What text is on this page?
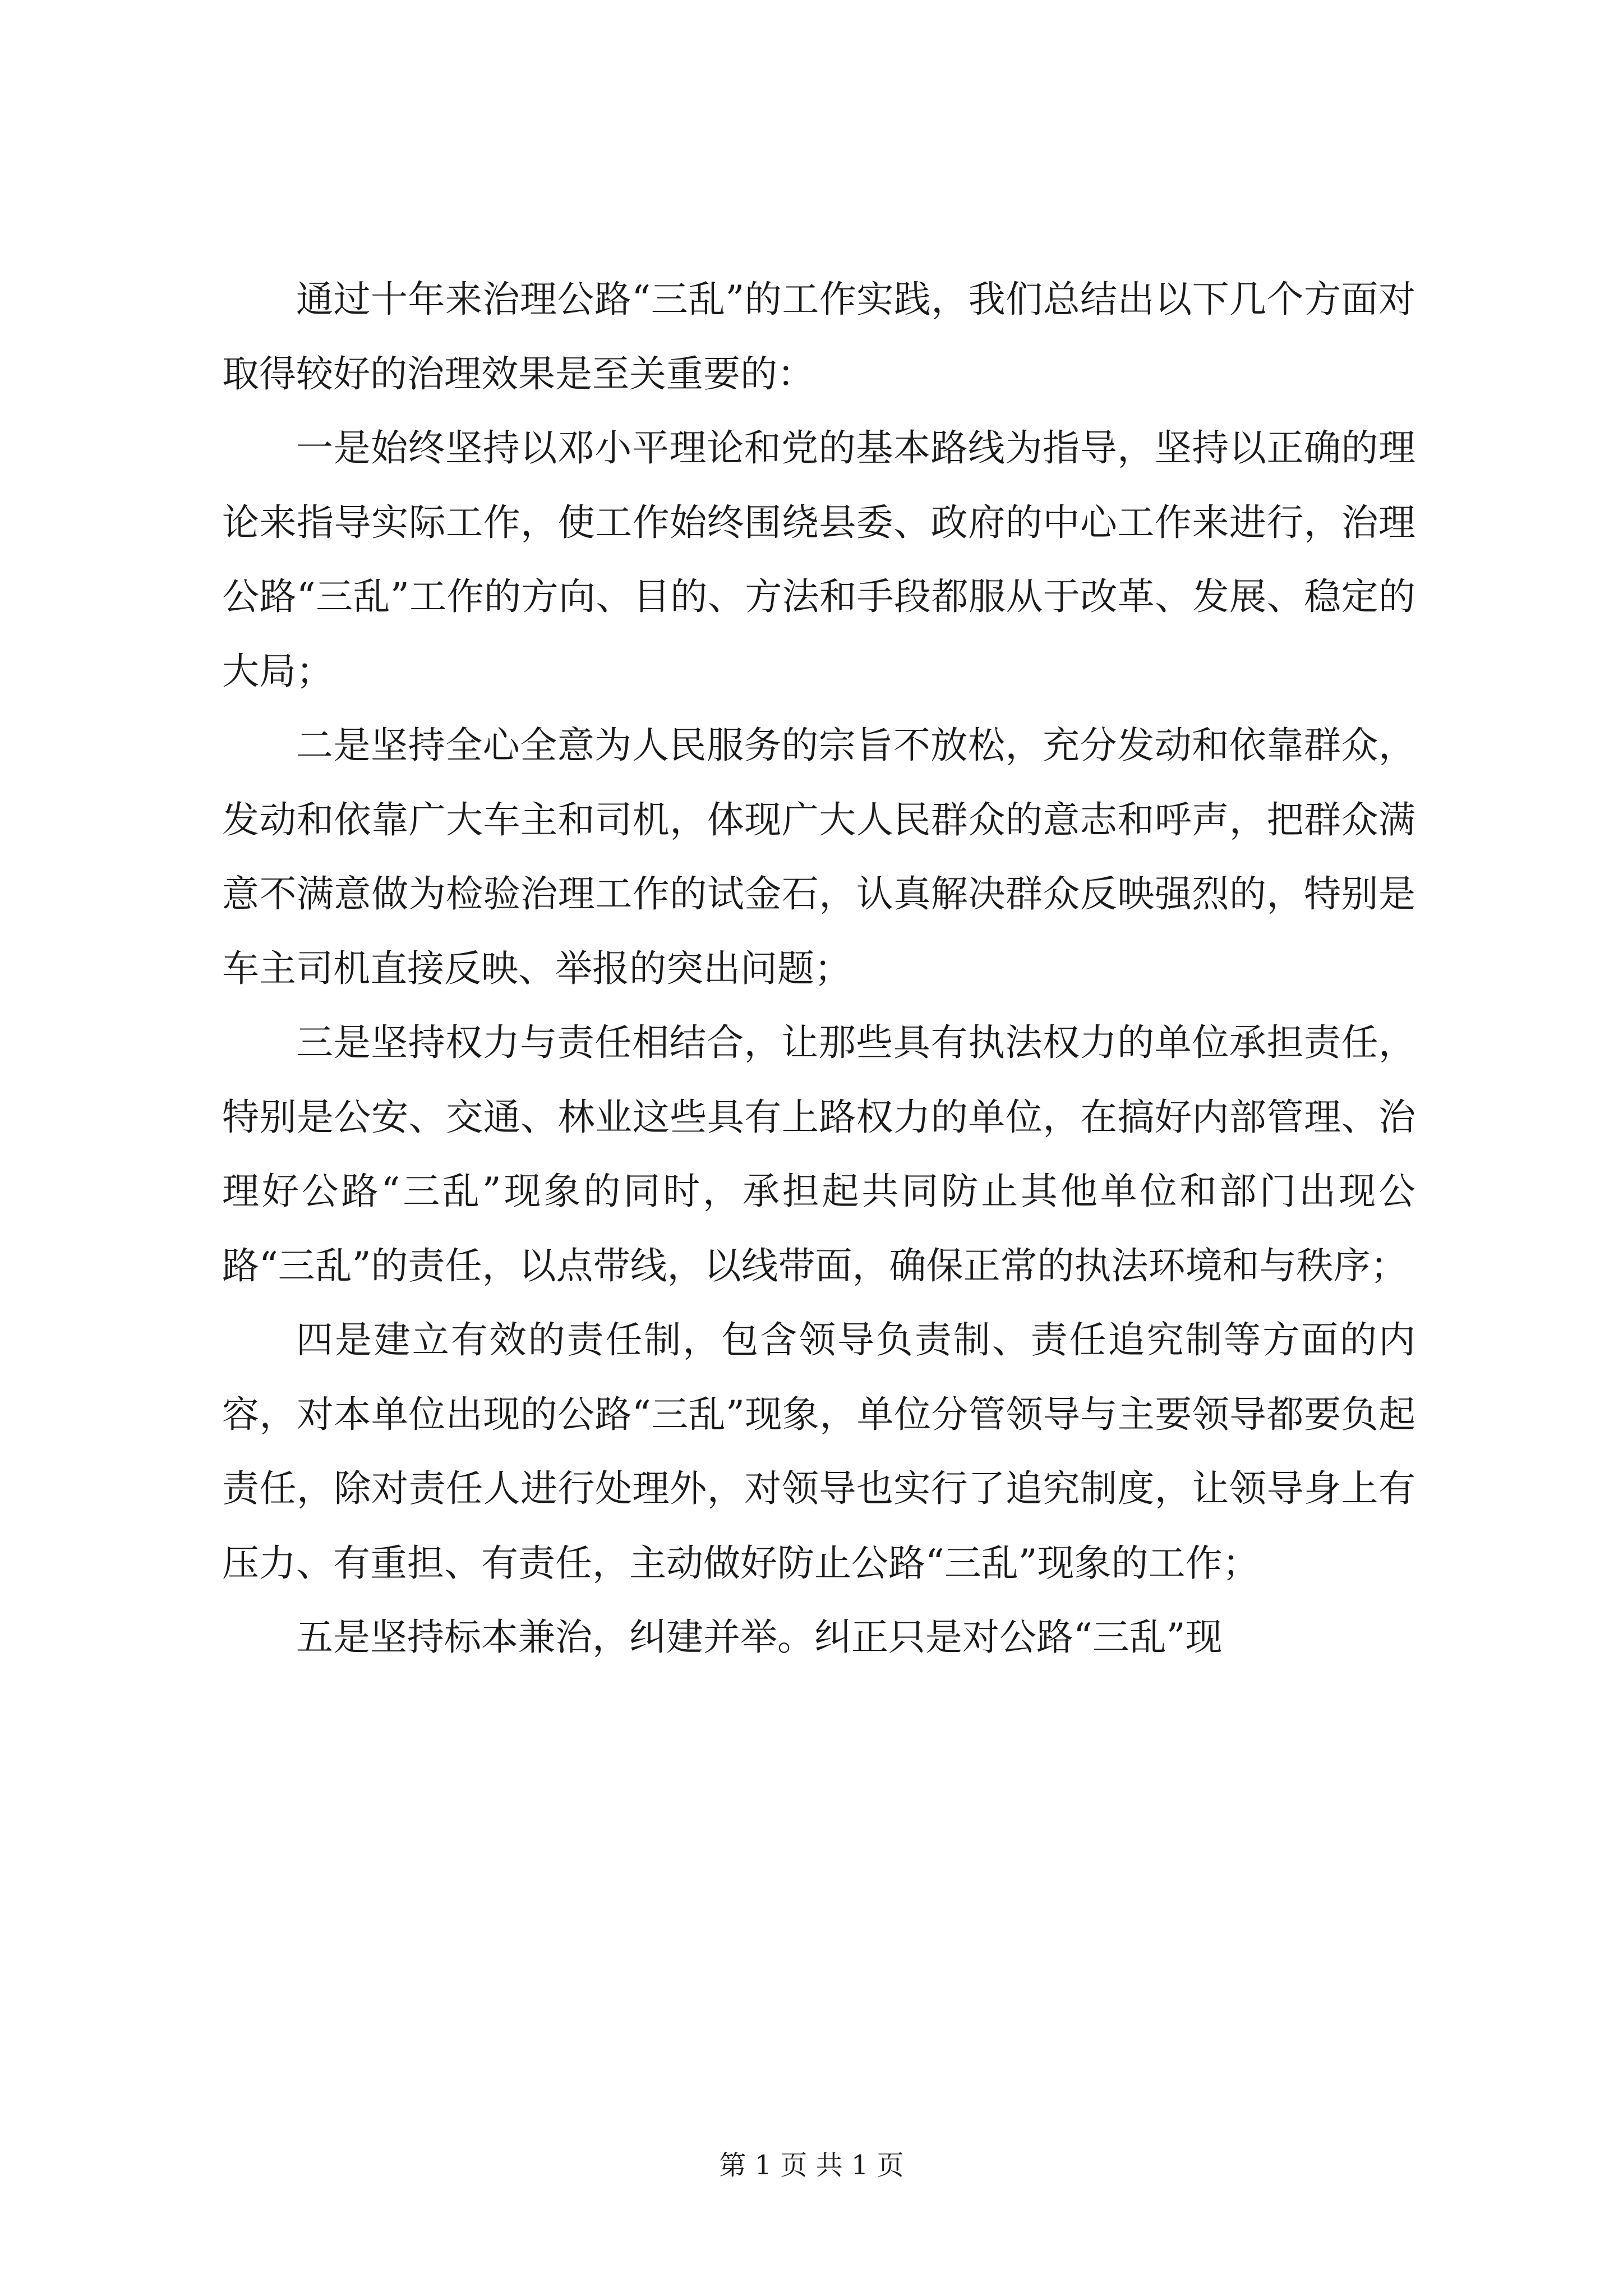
通过十年来治理公路“三乱”的工作实践，我们总结出以下几个方面对取得较好的治理效果是至关重要的：

一是始终坚持以邓小平理论和党的基本路线为指导，坚持以正确的理论来指导实际工作，使工作始终围绕县委、政府的中心工作来进行，治理公路“三乱”工作的方向、目的、方法和手段都服从于改革、发展、稳定的大局；

二是坚持全心全意为人民服务的宗旨不放松，充分发动和依靠群众，发动和依靠广大车主和司机，体现广大人民群众的意志和呼声，把群众满意不满意做为检验治理工作的试金石，认真解决群众反映强烈的，特别是车主司机直接反映、举报的突出问题；

三是坚持权力与责任相结合，让那些具有执法权力的单位承担责任，特别是公安、交通、林业这些具有上路权力的单位，在搞好内部管理、治理好公路“三乱”现象的同时，承担起共同防止其他单位和部门出现公路“三乱”的责任，以点带线，以线带面，确保正常的执法环境和与秩序；

四是建立有效的责任制，包含领导负责制、责任追究制等方面的内容，对本单位出现的公路“三乱”现象，单位分管领导与主要领导都要负起责任，除对责任人进行处理外，对领导也实行了追究制度，让领导身上有压力、有重担、有责任，主动做好防止公路“三乱”现象的工作；

五是坚持标本兼治，纠建并举。纠正只是对公路“三乱”现

第 1 页 共 1 页
